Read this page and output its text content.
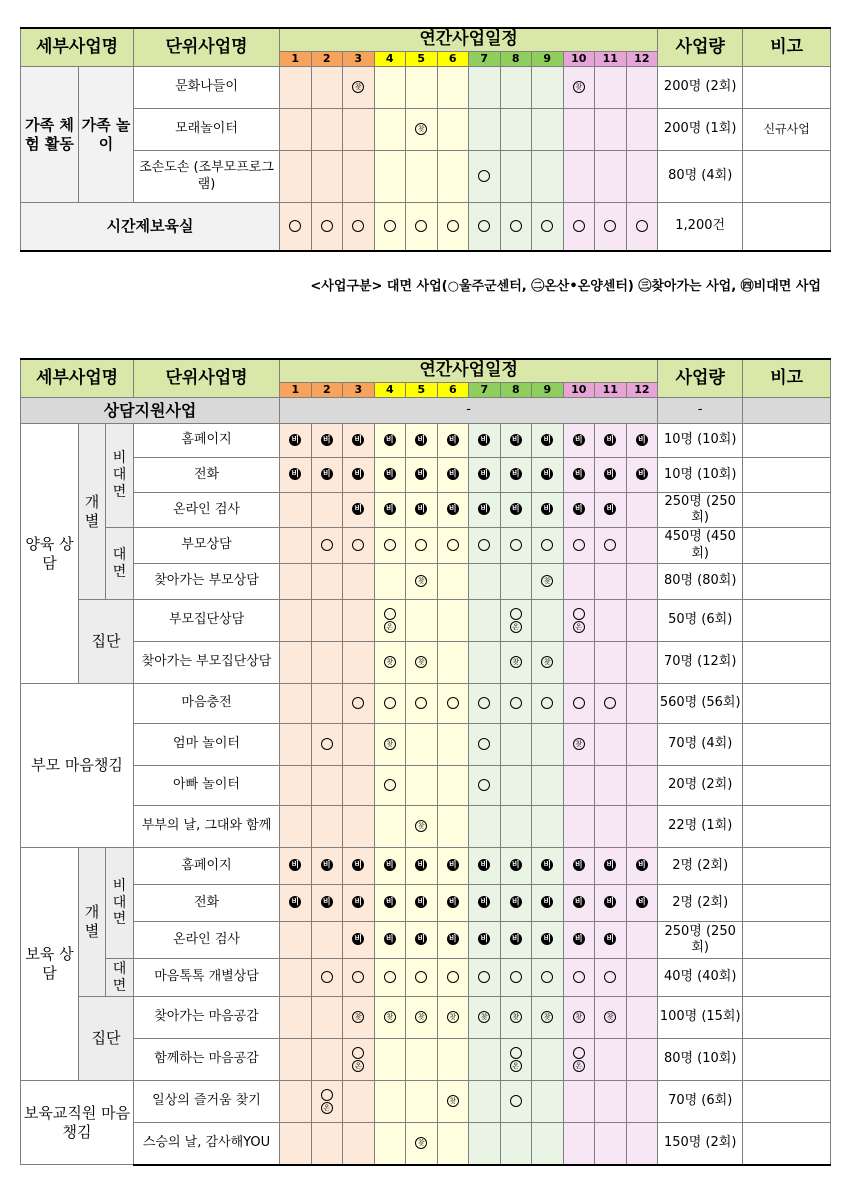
세부사업명		단위사업명	연간사업일정												사업량	비고
			1	2	3	4	5	6	7	8	9	10	11	12		
가족 체험 활동	가족 놀이	문화나들이			찾							찾			200명 (2회)	
		모래놀이터					찾								200명 (1회)	신규사업
		조손도손 (조부모프로그램)													80명 (4회)	
시간제보육실															1,200건	
<사업구분> 대면 사업(○울주군센터, ㊁온산•온양센터) ㊂찾아가는 사업, ㊃비대면 사업
세부사업명			단위사업명	연간사업일정												사업량	비고
				1	2	3	4	5	6	7	8	9	10	11	12		
상담지원사업				-												-	
양육 상담	개별	비대면	홈페이지	비	비	비	비	비	비	비	비	비	비	비	비	10명 (10회)	
			전화	비	비	비	비	비	비	비	비	비	비	비	비	10명 (10회)	
			온라인 검사			비	비	비	비	비	비	비	비	비		250명 (250회)	
		대면	부모상담													450명 (450회)	
			찾아가는 부모상담					찾				찾				80명 (80회)	
	집단		부모집단상담				온				온		온			50명 (6회)	
			찾아가는 부모집단상담				찾	찾			찾	찾				70명 (12회)	
부모 마음챙김			마음충전													560명 (56회)	
			엄마 놀이터				찾						찾			70명 (4회)	
			아빠 놀이터													20명 (2회)	
			부부의 날, 그대와 함께					찾								22명 (1회)	
보육 상담	개별	비대면	홈페이지	비	비	비	비	비	비	비	비	비	비	비	비	2명 (2회)	
			전화	비	비	비	비	비	비	비	비	비	비	비	비	2명 (2회)	
			온라인 검사			비	비	비	비	비	비	비	비	비		250명 (250회)	
		대면	마음톡톡 개별상담													40명 (40회)	
	집단		찾아가는 마음공감			찾	찾	찾	찾	찾	찾	찾	찾	찾		100명 (15회)	
			함께하는 마음공감			온					온		온			80명 (10회)	
보육교직원 마음챙김			일상의 즐거움 찾기		온				찾							70명 (6회)	
			스승의 날, 감사해YOU					찾								150명 (2회)	
